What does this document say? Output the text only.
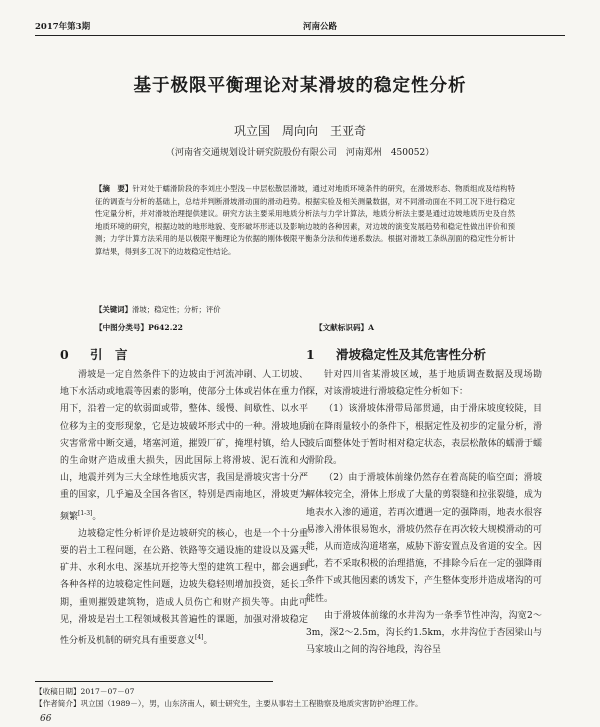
2017年第3期	河南公路
基于极限平衡理论对某滑坡的稳定性分析
巩立国　周向向　王亚奇
（河南省交通规划设计研究院股份有限公司　河南郑州　450052）
【摘　要】针对处于蠕滑阶段的李刘庄小型浅－中层松散层滑坡，通过对地质环境条件的研究，在滑坡形态、物质组成及结构特征的调查与分析的基础上，总结并判断滑坡滑动面的滑动趋势。根据实验及相关测量数据，对不同滑动面在不同工况下进行稳定性定量分析，并对滑坡治理提供建议。研究方法主要采用地质分析法与力学计算法，地质分析法主要是通过边坡地质历史及自然地质环境的研究，根据边坡的地形地貌、变形破坏形迹以及影响边坡的各种因素，对边坡的演变发展趋势和稳定性做出评价和预测；力学计算方法采用的是以极限平衡理论为依据的刚体极限平衡条分法和传递系数法。根据对滑坡工条纵剖面的稳定性分析计算结果，得到多工况下的边坡稳定性结论。
【关键词】滑坡；稳定性；分析；评价
【中图分类号】P642.22	【文献标识码】A
0 引　言	1 滑坡稳定性及其危害性分析

滑坡是一定自然条件下的边坡由于河流冲刷、人工切坡、地下水活动或地震等因素的影响，使部分土体或岩体在重力作用下，沿着一定的软弱面或带，整体、缓慢、间歇性、以水平位移为主的变形现象，它是边坡破坏形式中的一种。滑坡地质灾害常常中断交通，堵塞河道，摧毁厂矿，掩埋村镇，给人民的生命财产造成重大损失，因此国际上将滑坡、泥石流和火山，地震并列为三大全球性地质灾害，我国是滑坡灾害十分严重的国家，几乎遍及全国各省区，特别是西南地区，滑坡更为频繁[1-3]。

边坡稳定性分析评价是边坡研究的核心，也是一个十分重要的岩土工程问题，在公路、铁路等交通设施的建设以及露天矿井、水利水电、深基坑开挖等大型的建筑工程中，都会遇到各种各样的边坡稳定性问题，边坡失稳轻则增加投资，延长工期，重则摧毁建筑物，造成人员伤亡和财产损失等。由此可见，滑坡是岩土工程领域极其普遍性的课题，加强对滑坡稳定性分析及机制的研究具有重要意义[4]。

针对四川省某滑坡区域，基于地质调查数据及现场勘探，对该滑坡进行滑坡稳定性分析如下：

（1）该滑坡体滑带局部贯通，由于滑床坡度较陡，目前在降雨量较小的条件下，根据定性及初步的定量分析，滑坡后面整体处于暂时相对稳定状态，表层松散体的蠕滑于蠕滑阶段。

（2）由于滑坡体前缘仍然存在着高陡的临空面；滑坡解体较完全，滑体上形成了大量的剪裂缝和拉张裂缝，成为地表水入渗的通道，若再次遭遇一定的强降雨，地表水很容易渗入滑体很易饱水，滑坡仍然存在再次较大规模滑动的可能，从而造成沟道堵塞，威胁下游安置点及省道的安全。因此，若不采取积极的治理措施，不排除今后在一定的强降雨条件下或其他因素的诱发下，产生整体变形并造成堵沟的可能性。

由于滑坡体前缘的水井沟为一条季节性冲沟，沟宽2～3m，深2～2.5m，沟长约1.5km，水井沟位于杏园梁山与马家坡山之间的沟谷地段，沟谷呈

【收稿日期】2017－07－07
【作者简介】巩立国（1989－），男，山东济南人，硕士研究生，主要从事岩土工程勘察及地质灾害防护治理工作。
66
